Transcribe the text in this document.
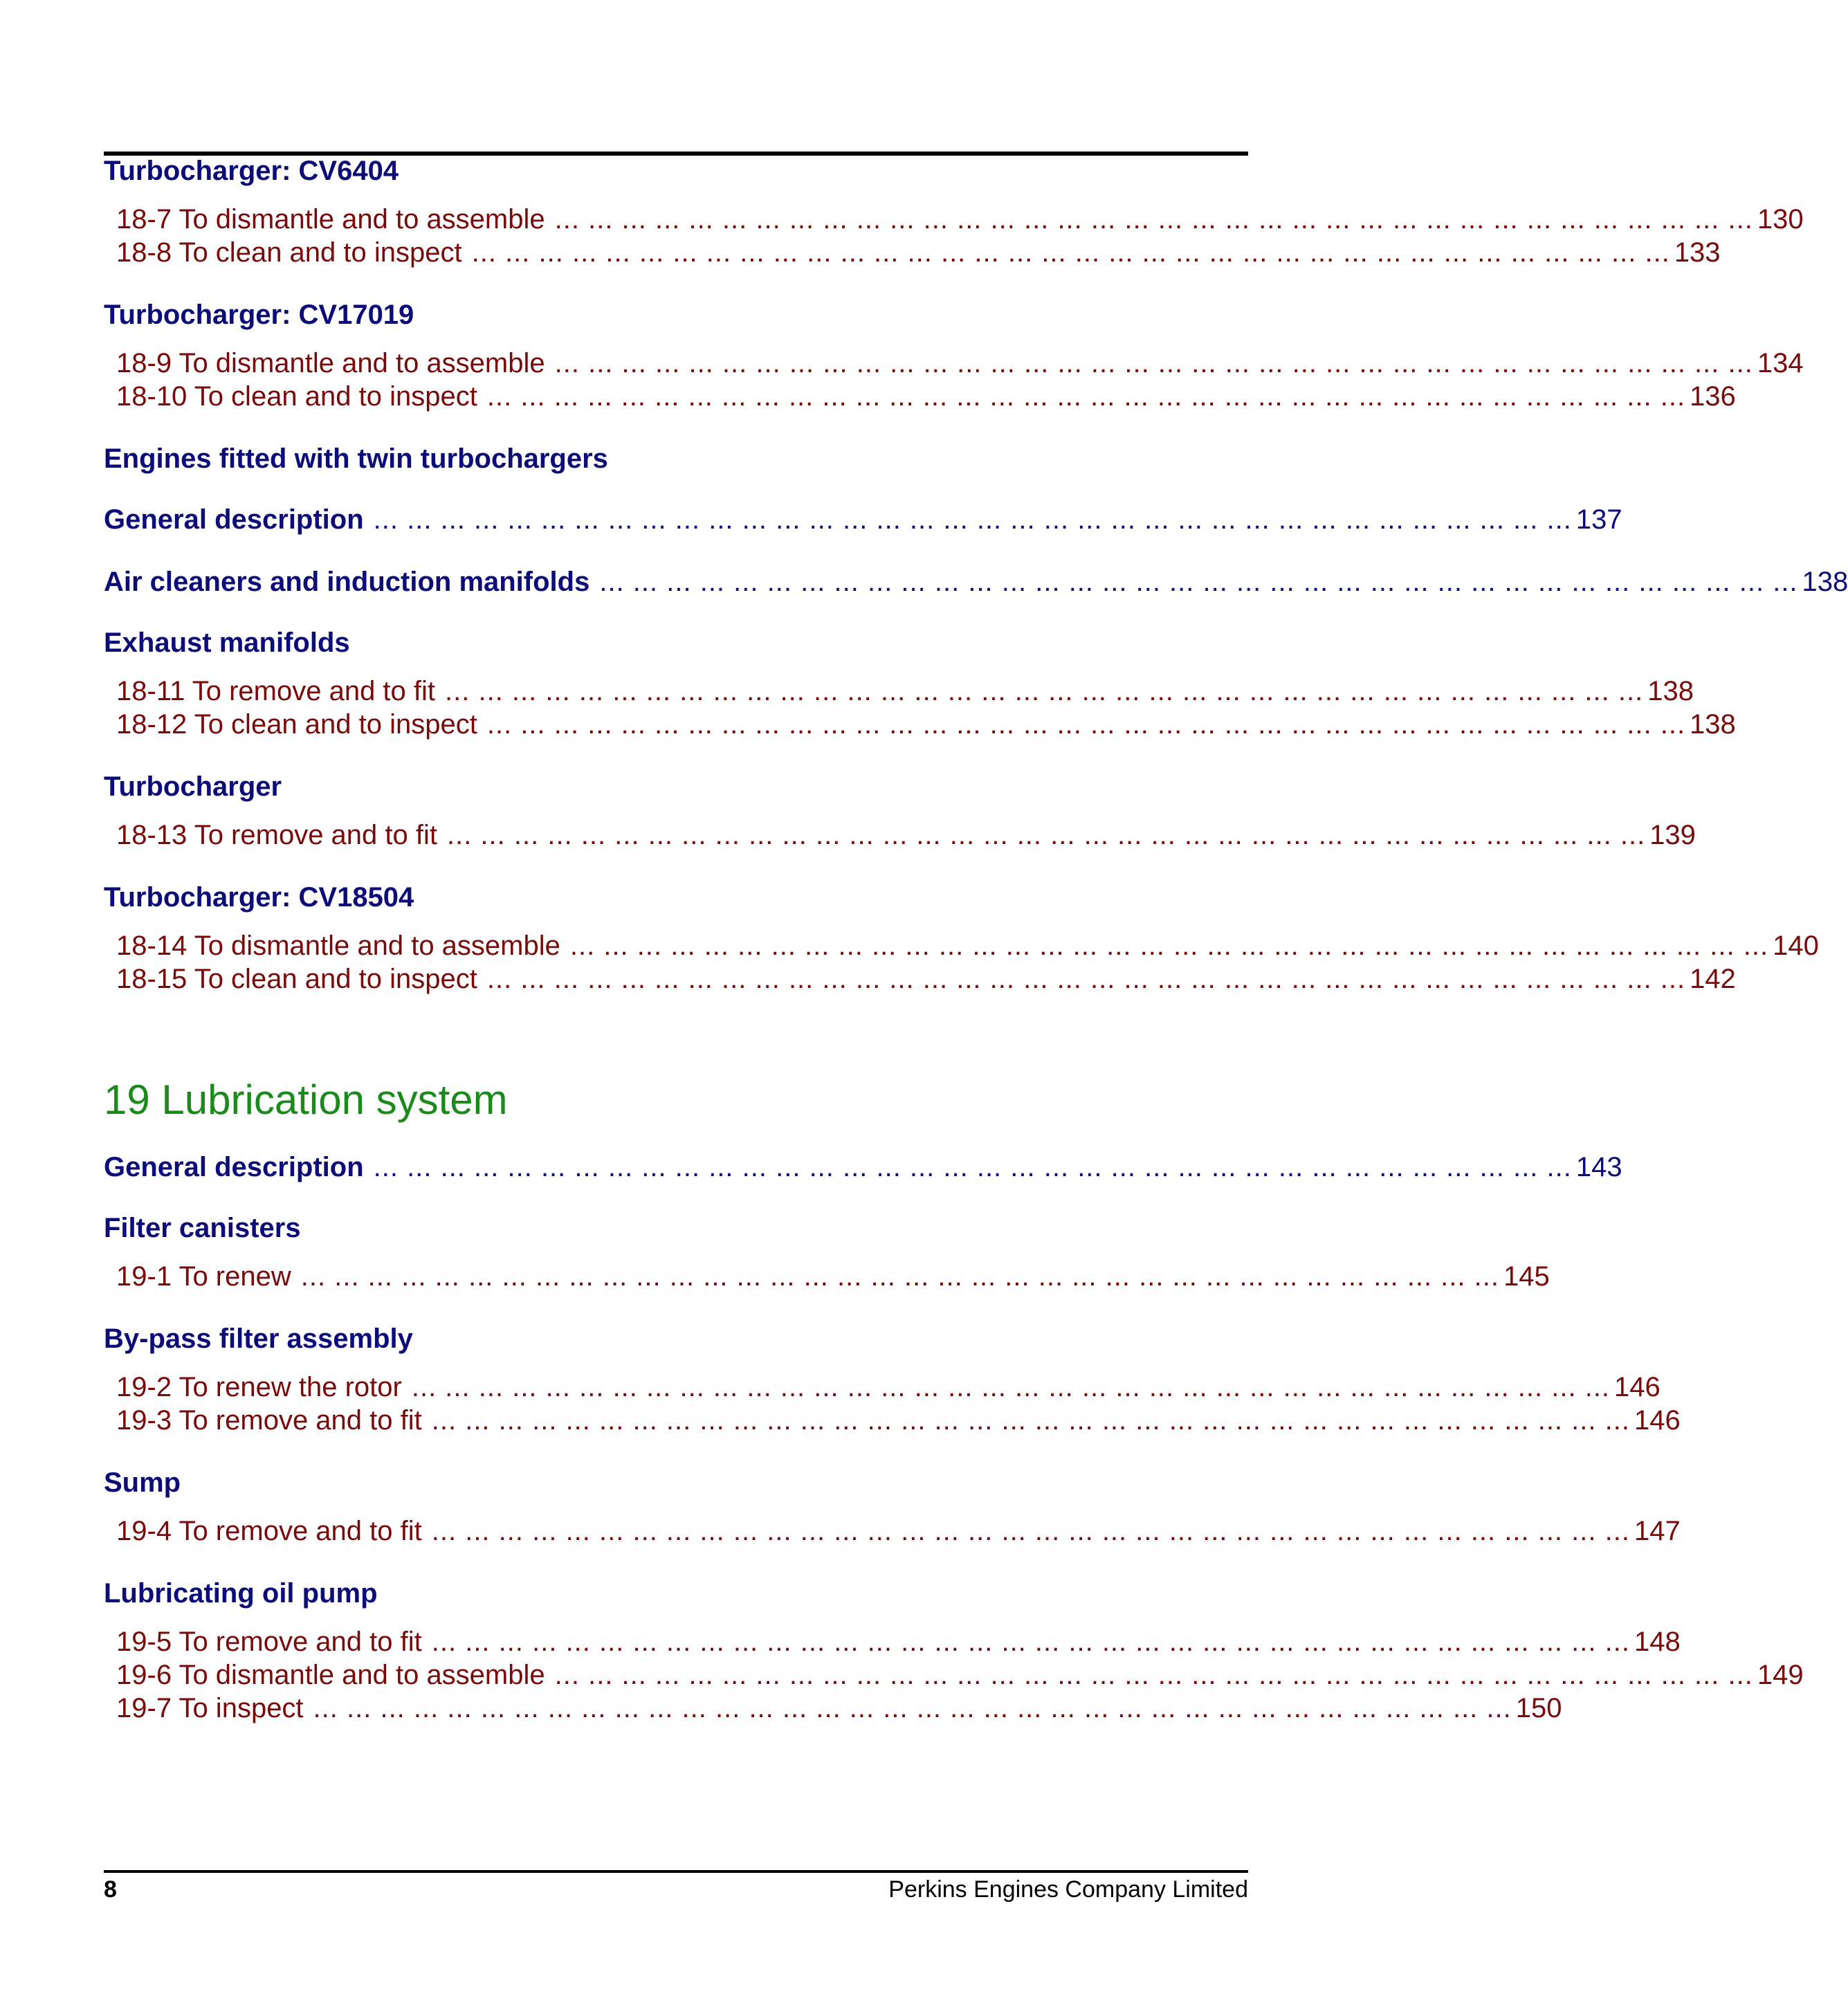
Turbocharger: CV6404
18-7 To dismantle and to assemble ... ... ... ... ... ... ... ... ... ... ... ... ... ... ... ... ... ... ... ... ... ... ... ... ... ... ... ... ... ... ... ... ... ... ... ... 130
18-8 To clean and to inspect ... ... ... ... ... ... ... ... ... ... ... ... ... ... ... ... ... ... ... ... ... ... ... ... ... ... ... ... ... ... ... ... ... ... ... ... 133
Turbocharger: CV17019
18-9 To dismantle and to assemble ... ... ... ... ... ... ... ... ... ... ... ... ... ... ... ... ... ... ... ... ... ... ... ... ... ... ... ... ... ... ... ... ... ... ... ... 134
18-10 To clean and to inspect ... ... ... ... ... ... ... ... ... ... ... ... ... ... ... ... ... ... ... ... ... ... ... ... ... ... ... ... ... ... ... ... ... ... ... ... 136
Engines fitted with twin turbochargers
General description ... ... ... ... ... ... ... ... ... ... ... ... ... ... ... ... ... ... ... ... ... ... ... ... ... ... ... ... ... ... ... ... ... ... ... ... 137
Air cleaners and induction manifolds ... ... ... ... ... ... ... ... ... ... ... ... ... ... ... ... ... ... ... ... ... ... ... ... ... ... ... ... ... ... ... ... ... ... ... ... 138
Exhaust manifolds
18-11 To remove and to fit ... ... ... ... ... ... ... ... ... ... ... ... ... ... ... ... ... ... ... ... ... ... ... ... ... ... ... ... ... ... ... ... ... ... ... ... 138
18-12 To clean and to inspect ... ... ... ... ... ... ... ... ... ... ... ... ... ... ... ... ... ... ... ... ... ... ... ... ... ... ... ... ... ... ... ... ... ... ... ... 138
Turbocharger
18-13 To remove and to fit ... ... ... ... ... ... ... ... ... ... ... ... ... ... ... ... ... ... ... ... ... ... ... ... ... ... ... ... ... ... ... ... ... ... ... ... 139
Turbocharger: CV18504
18-14 To dismantle and to assemble ... ... ... ... ... ... ... ... ... ... ... ... ... ... ... ... ... ... ... ... ... ... ... ... ... ... ... ... ... ... ... ... ... ... ... ... 140
18-15 To clean and to inspect ... ... ... ... ... ... ... ... ... ... ... ... ... ... ... ... ... ... ... ... ... ... ... ... ... ... ... ... ... ... ... ... ... ... ... ... 142
19 Lubrication system
General description ... ... ... ... ... ... ... ... ... ... ... ... ... ... ... ... ... ... ... ... ... ... ... ... ... ... ... ... ... ... ... ... ... ... ... ... 143
Filter canisters
19-1 To renew ... ... ... ... ... ... ... ... ... ... ... ... ... ... ... ... ... ... ... ... ... ... ... ... ... ... ... ... ... ... ... ... ... ... ... ... 145
By-pass filter assembly
19-2 To renew the rotor ... ... ... ... ... ... ... ... ... ... ... ... ... ... ... ... ... ... ... ... ... ... ... ... ... ... ... ... ... ... ... ... ... ... ... ... 146
19-3 To remove and to fit ... ... ... ... ... ... ... ... ... ... ... ... ... ... ... ... ... ... ... ... ... ... ... ... ... ... ... ... ... ... ... ... ... ... ... ... 146
Sump
19-4 To remove and to fit ... ... ... ... ... ... ... ... ... ... ... ... ... ... ... ... ... ... ... ... ... ... ... ... ... ... ... ... ... ... ... ... ... ... ... ... 147
Lubricating oil pump
19-5 To remove and to fit ... ... ... ... ... ... ... ... ... ... ... ... ... ... ... ... ... ... ... ... ... ... ... ... ... ... ... ... ... ... ... ... ... ... ... ... 148
19-6 To dismantle and to assemble ... ... ... ... ... ... ... ... ... ... ... ... ... ... ... ... ... ... ... ... ... ... ... ... ... ... ... ... ... ... ... ... ... ... ... ... 149
19-7 To inspect ... ... ... ... ... ... ... ... ... ... ... ... ... ... ... ... ... ... ... ... ... ... ... ... ... ... ... ... ... ... ... ... ... ... ... ... 150
8	Perkins Engines Company Limited
